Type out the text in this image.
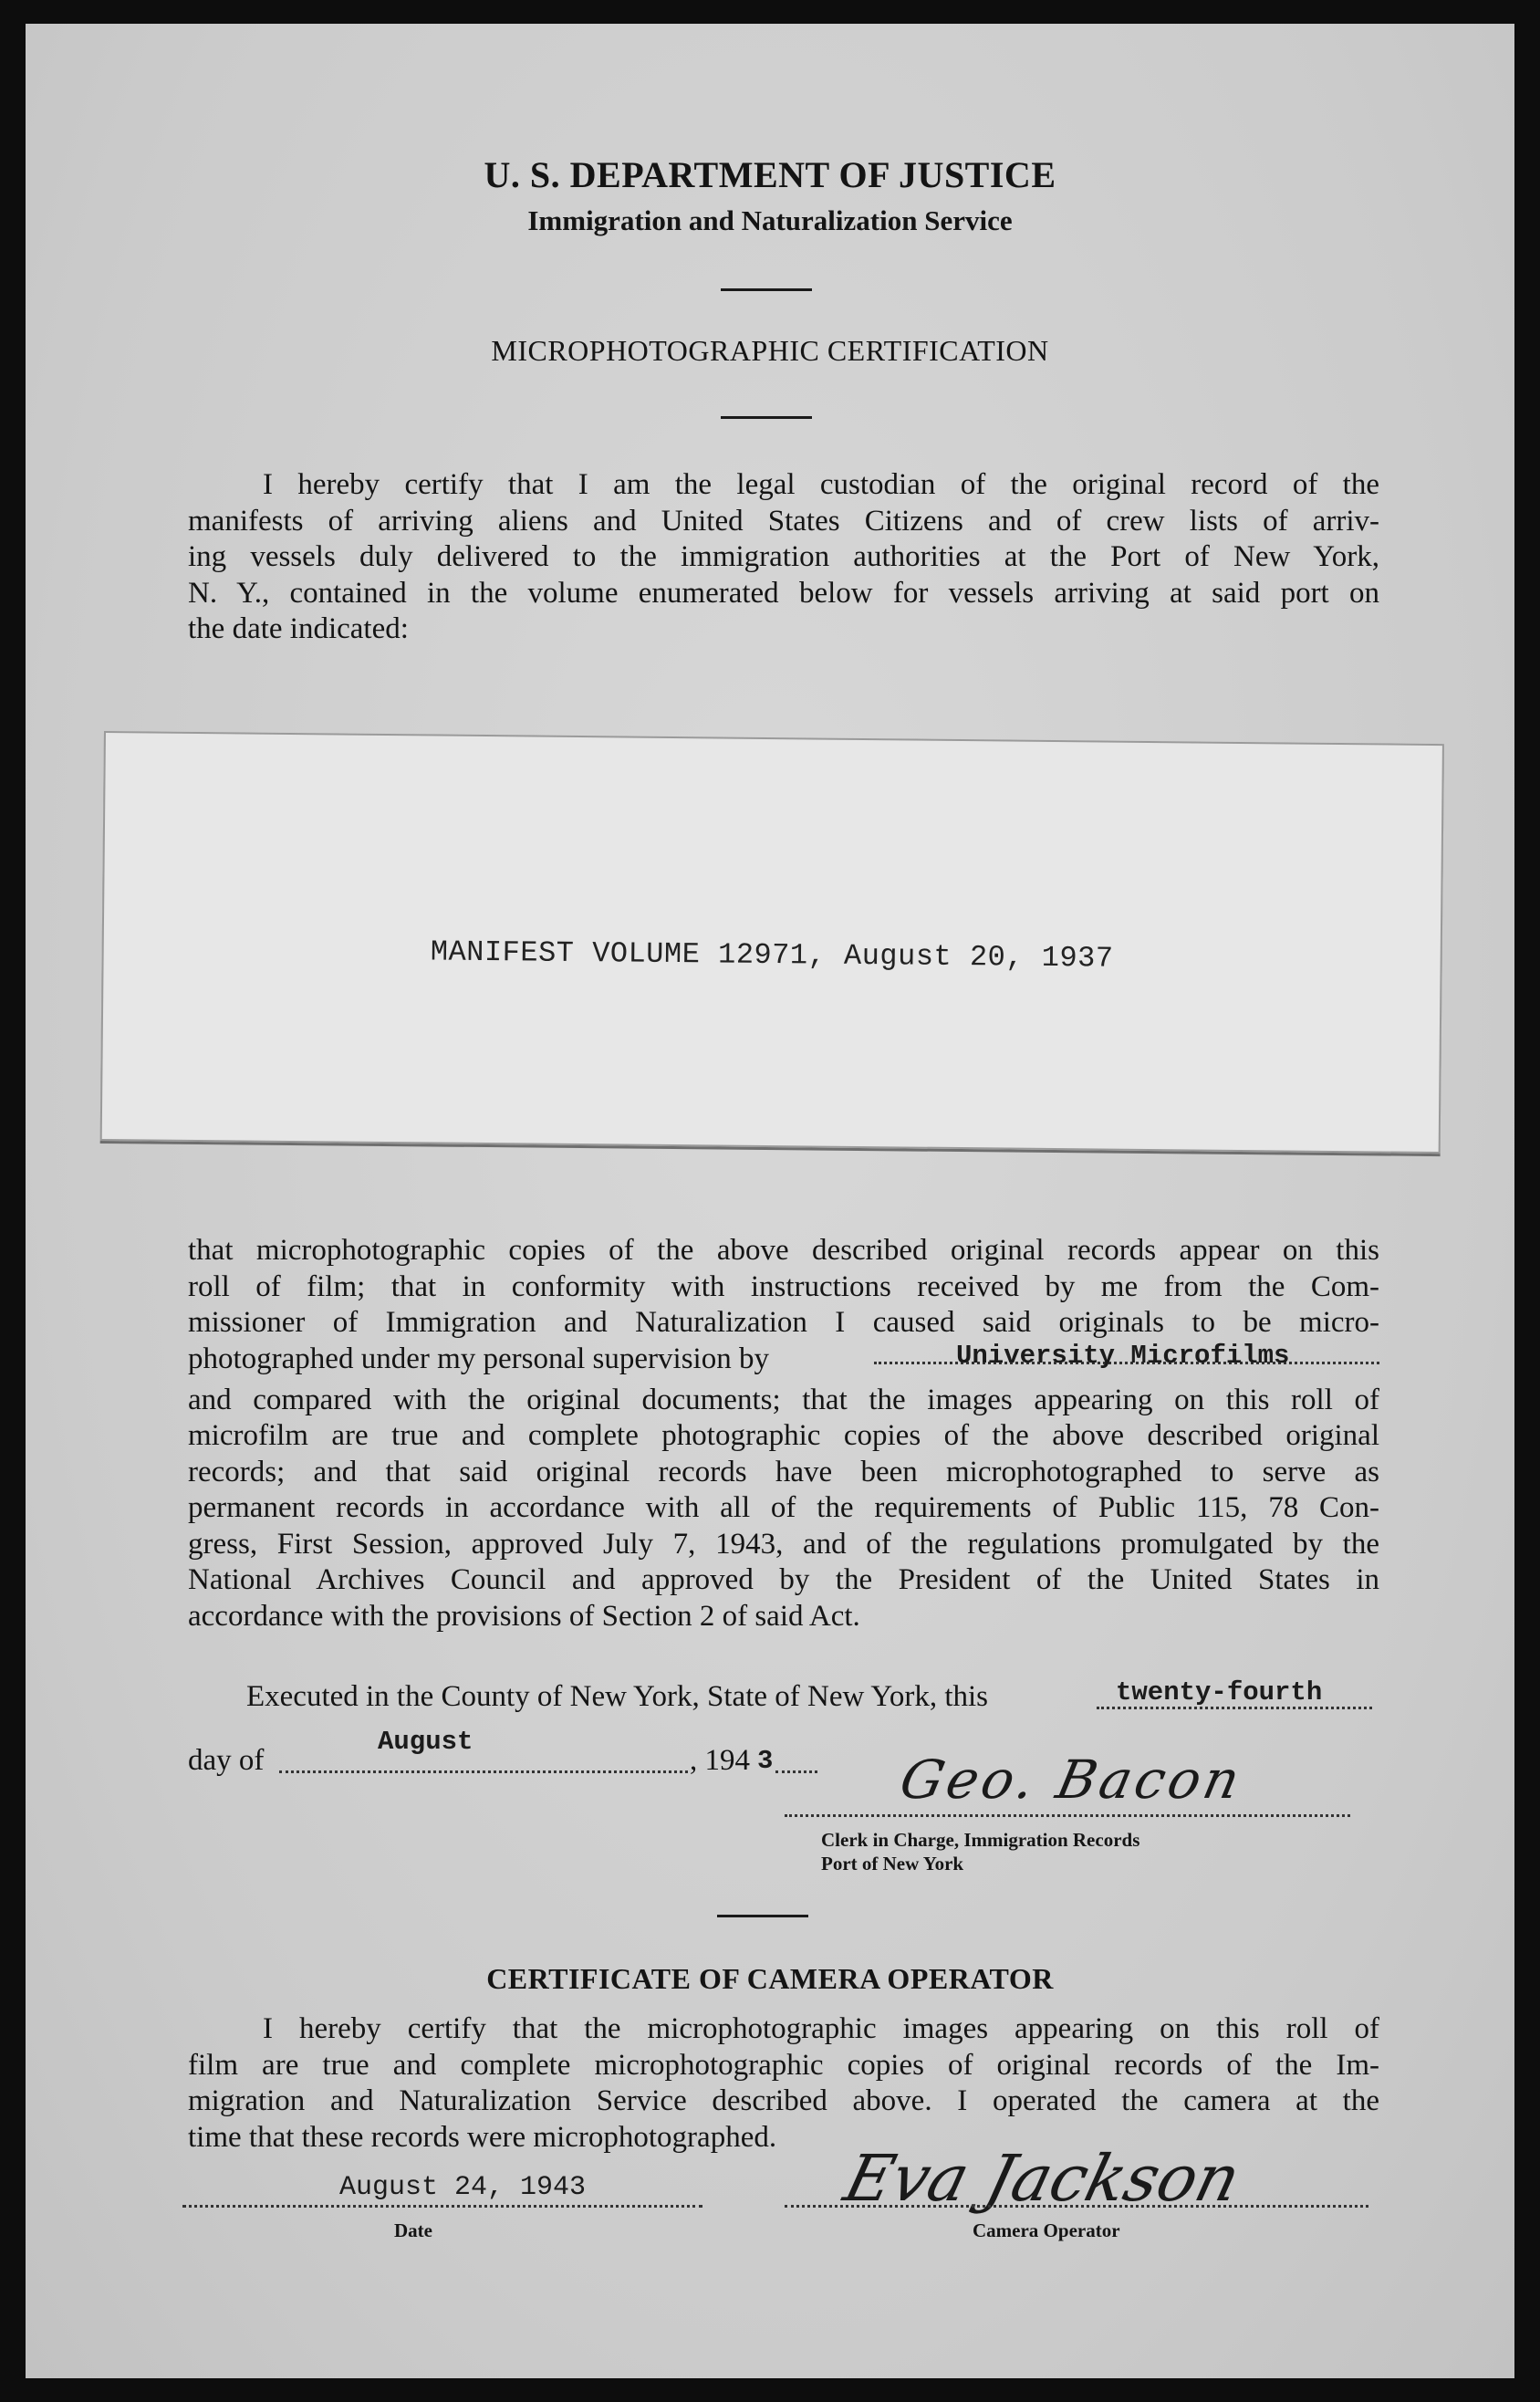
U. S. DEPARTMENT OF JUSTICE
Immigration and Naturalization Service
MICROPHOTOGRAPHIC CERTIFICATION
I hereby certify that I am the legal custodian of the original record of the
manifests of arriving aliens and United States Citizens and of crew lists of arriv-
ing vessels duly delivered to the immigration authorities at the Port of New York,
N. Y., contained in the volume enumerated below for vessels arriving at said port on
the date indicated:
MANIFEST VOLUME 12971, August 20, 1937
that microphotographic copies of the above described original records appear on this
roll of film; that in conformity with instructions received by me from the Com-
missioner of Immigration and Naturalization I caused said originals to be micro-
photographed under my personal supervision by	University Microfilms
and compared with the original documents; that the images appearing on this roll of
microfilm are true and complete photographic copies of the above described original
records; and that said original records have been microphotographed to serve as
permanent records in accordance with all of the requirements of Public 115, 78 Con-
gress, First Session, approved July 7, 1943, and of the regulations promulgated by the
National Archives Council and approved by the President of the United States in
accordance with the provisions of Section 2 of said Act.
Executed in the County of New York, State of New York, this	twenty-fourth
day of
August
, 194 3 Geo. Bacon
Clerk in Charge, Immigration Records
Port of New York
CERTIFICATE OF CAMERA OPERATOR
I hereby certify that the microphotographic images appearing on this roll of
film are true and complete microphotographic copies of original records of the Im-
migration and Naturalization Service described above. I operated the camera at the
time that these records were microphotographed.
August 24, 1943
Date
Eva Jackson
Camera Operator
